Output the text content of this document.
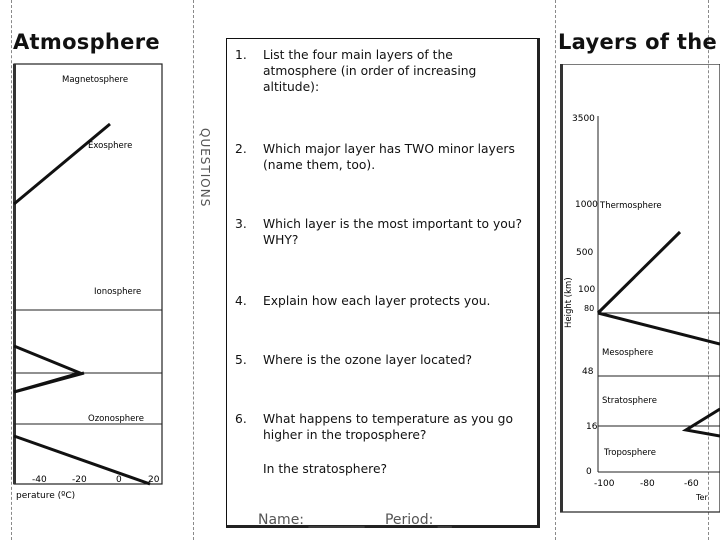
Atmosphere
Magnetosphere
Exosphere
Ionosphere
Ozonosphere
-40	-20	0	20
perature (ºC)
QUESTIONS
1. List the four main layers of the atmosphere (in order of increasing altitude):
2. Which major layer has TWO minor layers (name them, too).
3. Which layer is the most important to you? WHY?
4. Explain how each layer protects you.
5. Where is the ozone layer located?
6. What happens to temperature as you go higher in the troposphere?
In the stratosphere?
Name: ________ Period: __
Layers of the
3500
1000
500
100
80
48
16
0
Height (km)
Thermosphere
Mesosphere
Stratosphere
Troposphere
-100	-80	-60
Ter
